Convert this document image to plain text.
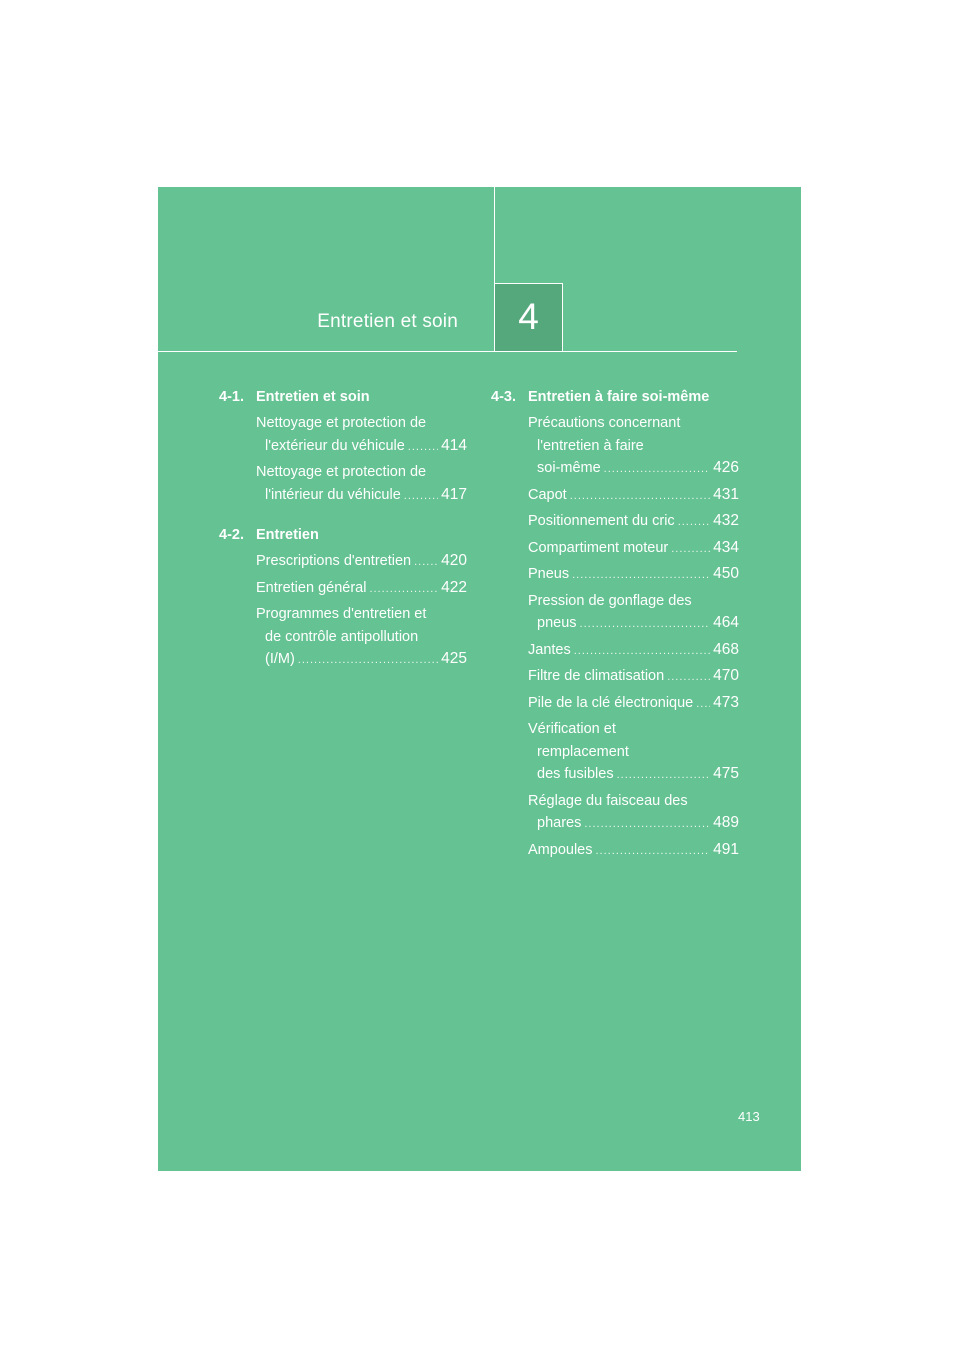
Entretien et soin	4
4-1. Entretien et soin
Nettoyage et protection de
l'extérieur du véhicule ..... 414
Nettoyage et protection de
l'intérieur du véhicule .....	417
4-2. Entretien
Prescriptions d'entretien ..... 420
Entretien général .....	422
Programmes d'entretien et
de contrôle antipollution
(I/M) .....	425
4-3. Entretien à faire soi-même
Précautions concernant
l'entretien à faire
soi-même .....	426
Capot .....	431
Positionnement du cric ..... 432
Compartiment moteur .....	434
Pneus .....	450
Pression de gonflage des
pneus .....	464
Jantes .....	468
Filtre de climatisation .....	470
Pile de la clé électronique ..... 473
Vérification et
remplacement
des fusibles .....	475
Réglage du faisceau des
phares .....	489
Ampoules .....	491
413
